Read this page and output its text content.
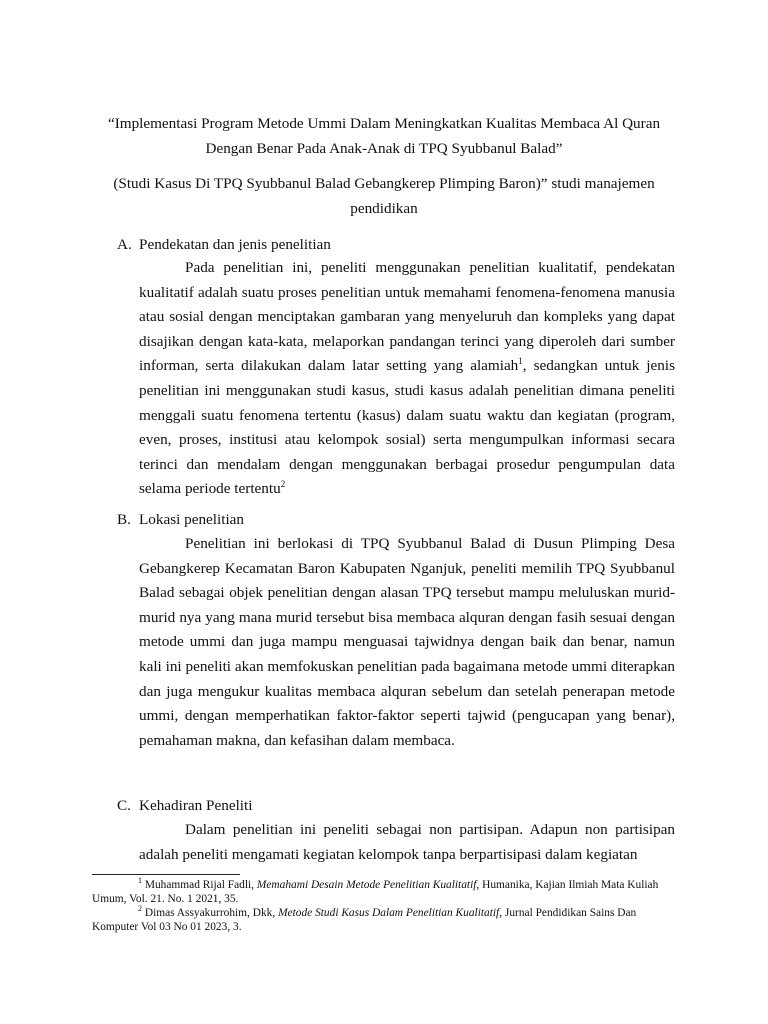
“Implementasi Program Metode Ummi Dalam Meningkatkan Kualitas Membaca Al Quran Dengan Benar Pada Anak-Anak di TPQ Syubbanul Balad”
(Studi Kasus Di TPQ Syubbanul Balad Gebangkerep Plimping Baron)” studi manajemen pendidikan
A. Pendekatan dan jenis penelitian
Pada penelitian ini, peneliti menggunakan penelitian kualitatif, pendekatan kualitatif adalah suatu proses penelitian untuk memahami fenomena-fenomena manusia atau sosial dengan menciptakan gambaran yang menyeluruh dan kompleks yang dapat disajikan dengan kata-kata, melaporkan pandangan terinci yang diperoleh dari sumber informan, serta dilakukan dalam latar setting yang alamiah$^1$, sedangkan untuk jenis penelitian ini menggunakan studi kasus, studi kasus adalah penelitian dimana peneliti menggali suatu fenomena tertentu (kasus) dalam suatu waktu dan kegiatan (program, even, proses, institusi atau kelompok sosial) serta mengumpulkan informasi secara terinci dan mendalam dengan menggunakan berbagai prosedur pengumpulan data selama periode tertentu$^2$
B. Lokasi penelitian
Penelitian ini berlokasi di TPQ Syubbanul Balad di Dusun Plimping Desa Gebangkerep Kecamatan Baron Kabupaten Nganjuk, peneliti memilih TPQ Syubbanul Balad sebagai objek penelitian dengan alasan TPQ tersebut mampu meluluskan murid-murid nya yang mana murid tersebut bisa membaca alquran dengan fasih sesuai dengan metode ummi dan juga mampu menguasai tajwidnya dengan baik dan benar, namun kali ini peneliti akan memfokuskan penelitian pada bagaimana metode ummi diterapkan dan juga mengukur kualitas membaca alquran sebelum dan setelah penerapan metode ummi, dengan memperhatikan faktor-faktor seperti tajwid (pengucapan yang benar), pemahaman makna, dan kefasihan dalam membaca.
C. Kehadiran Peneliti
Dalam penelitian ini peneliti sebagai non partisipan. Adapun non partisipan adalah peneliti mengamati kegiatan kelompok tanpa berpartisipasi dalam kegiatan
$^1$ Muhammad Rijal Fadli, Memahami Desain Metode Penelitian Kualitatif, Humanika, Kajian Ilmiah Mata Kuliah Umum, Vol. 21. No. 1 2021, 35.
$^2$ Dimas Assyakurrohim, Dkk, Metode Studi Kasus Dalam Penelitian Kualitatif, Jurnal Pendidikan Sains Dan Komputer Vol 03 No 01 2023, 3.
